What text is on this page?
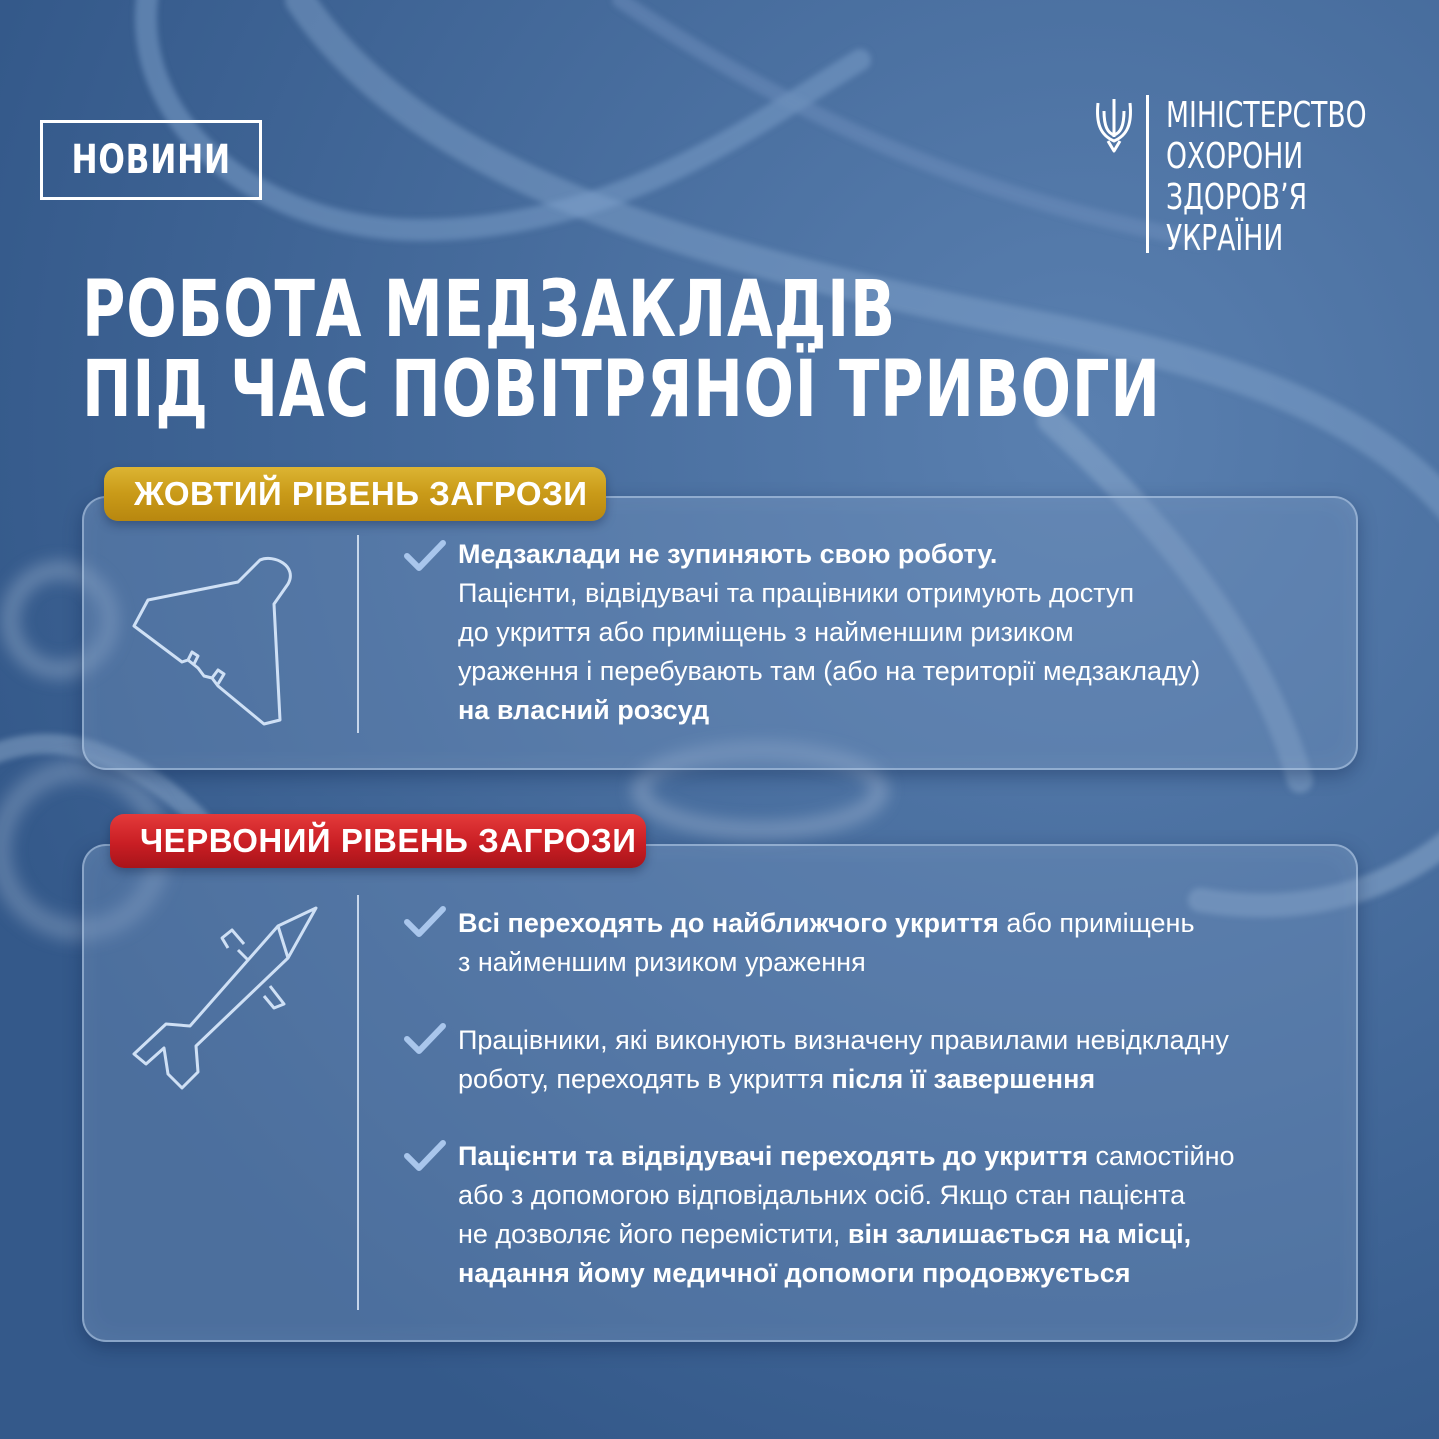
НОВИНИ
МІНІСТЕРСТВО
ОХОРОНИ
ЗДОРОВ’Я
УКРАЇНИ
РОБОТА МЕДЗАКЛАДІВ
ПІД ЧАС ПОВІТРЯНОЇ ТРИВОГИ
ЖОВТИЙ РІВЕНЬ ЗАГРОЗИ
Медзаклади не зупиняють свою роботу.
Пацієнти, відвідувачі та працівники отримують доступ
до укриття або приміщень з найменшим ризиком
ураження і перебувають там (або на території медзакладу)
на власний розсуд
ЧЕРВОНИЙ РІВЕНЬ ЗАГРОЗИ
Всі переходять до найближчого укриття або приміщень
з найменшим ризиком ураження
Працівники, які виконують визначену правилами невідкладну
роботу, переходять в укриття після її завершення
Пацієнти та відвідувачі переходять до укриття самостійно
або з допомогою відповідальних осіб. Якщо стан пацієнта
не дозволяє його перемістити, він залишається на місці,
надання йому медичної допомоги продовжується
